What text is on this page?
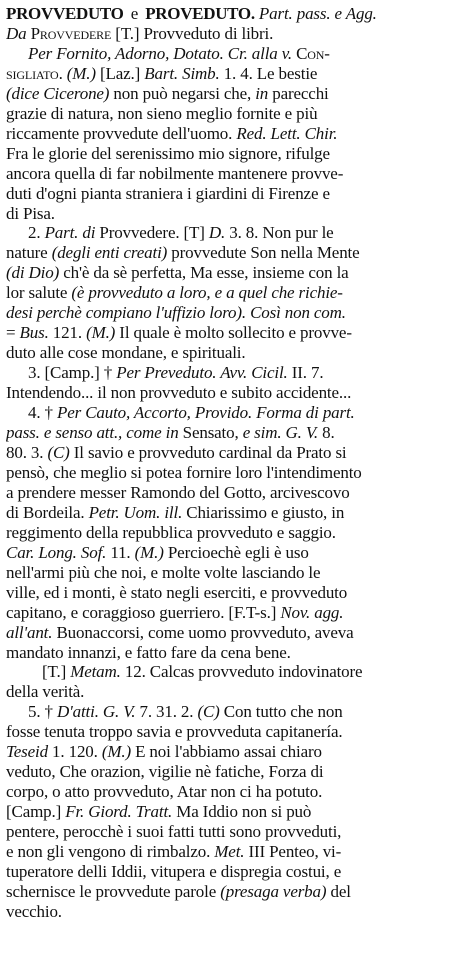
PROVVEDUTO e PROVEDUTO. Part. pass. e Agg.
Da Provvedere [T.] Provveduto di libri.
Per Fornito, Adorno, Dotato. Cr. alla v. Con-
sigliato. (M.) [Laz.] Bart. Simb. 1. 4. Le bestie
(dice Cicerone) non può negarsi che, in parecchi
grazie di natura, non sieno meglio fornite e più
riccamente provvedute dell'uomo. Red. Lett. Chir.
Fra le glorie del serenissimo mio signore, rifulge
ancora quella di far nobilmente mantenere provve-
duti d'ogni pianta straniera i giardini di Firenze e
di Pisa.
2. Part. di Provvedere. [T] D. 3. 8. Non pur le
nature (degli enti creati) provvedute Son nella Mente
(di Dio) ch'è da sè perfetta, Ma esse, insieme con la
lor salute (è provveduto a loro, e a quel che richie-
desi perchè compiano l'uffizio loro). Così non com.
= Bus. 121. (M.) Il quale è molto sollecito e provve-
duto alle cose mondane, e spirituali.
3. [Camp.] † Per Preveduto. Avv. Cicil. II. 7.
Intendendo... il non provveduto e subito accidente...
4. † Per Cauto, Accorto, Provido. Forma di part.
pass. e senso att., come in Sensato, e sim. G. V. 8.
80. 3. (C) Il savio e provveduto cardinal da Prato si
pensò, che meglio si potea fornire loro l'intendimento
a prendere messer Ramondo del Gotto, arcivescovo
di Bordeila. Petr. Uom. ill. Chiarissimo e giusto, in
reggimento della repubblica provveduto e saggio.
Car. Long. Sof. 11. (M.) Percioechè egli è uso
nell'armi più che noi, e molte volte lasciando le
ville, ed i monti, è stato negli eserciti, e provveduto
capitano, e coraggioso guerriero. [F.T-s.] Nov. agg.
all'ant. Buonaccorsi, come uomo provveduto, aveva
mandato innanzi, e fatto fare da cena bene.
[T.] Metam. 12. Calcas provveduto indovinatore
della verità.
5. † D'atti. G. V. 7. 31. 2. (C) Con tutto che non
fosse tenuta troppo savia e provveduta capitanería.
Teseid 1. 120. (M.) E noi l'abbiamo assai chiaro
veduto, Che orazion, vigilie nè fatiche, Forza di
corpo, o atto provveduto, Atar non ci ha potuto.
[Camp.] Fr. Giord. Tratt. Ma Iddio non si può
pentere, perocchè i suoi fatti tutti sono provveduti,
e non gli vengono di rimbalzo. Met. III Penteo, vi-
tuperatore delli Iddii, vitupera e dispregia costui, e
schernisce le provvedute parole (presaga verba) del
vecchio.
